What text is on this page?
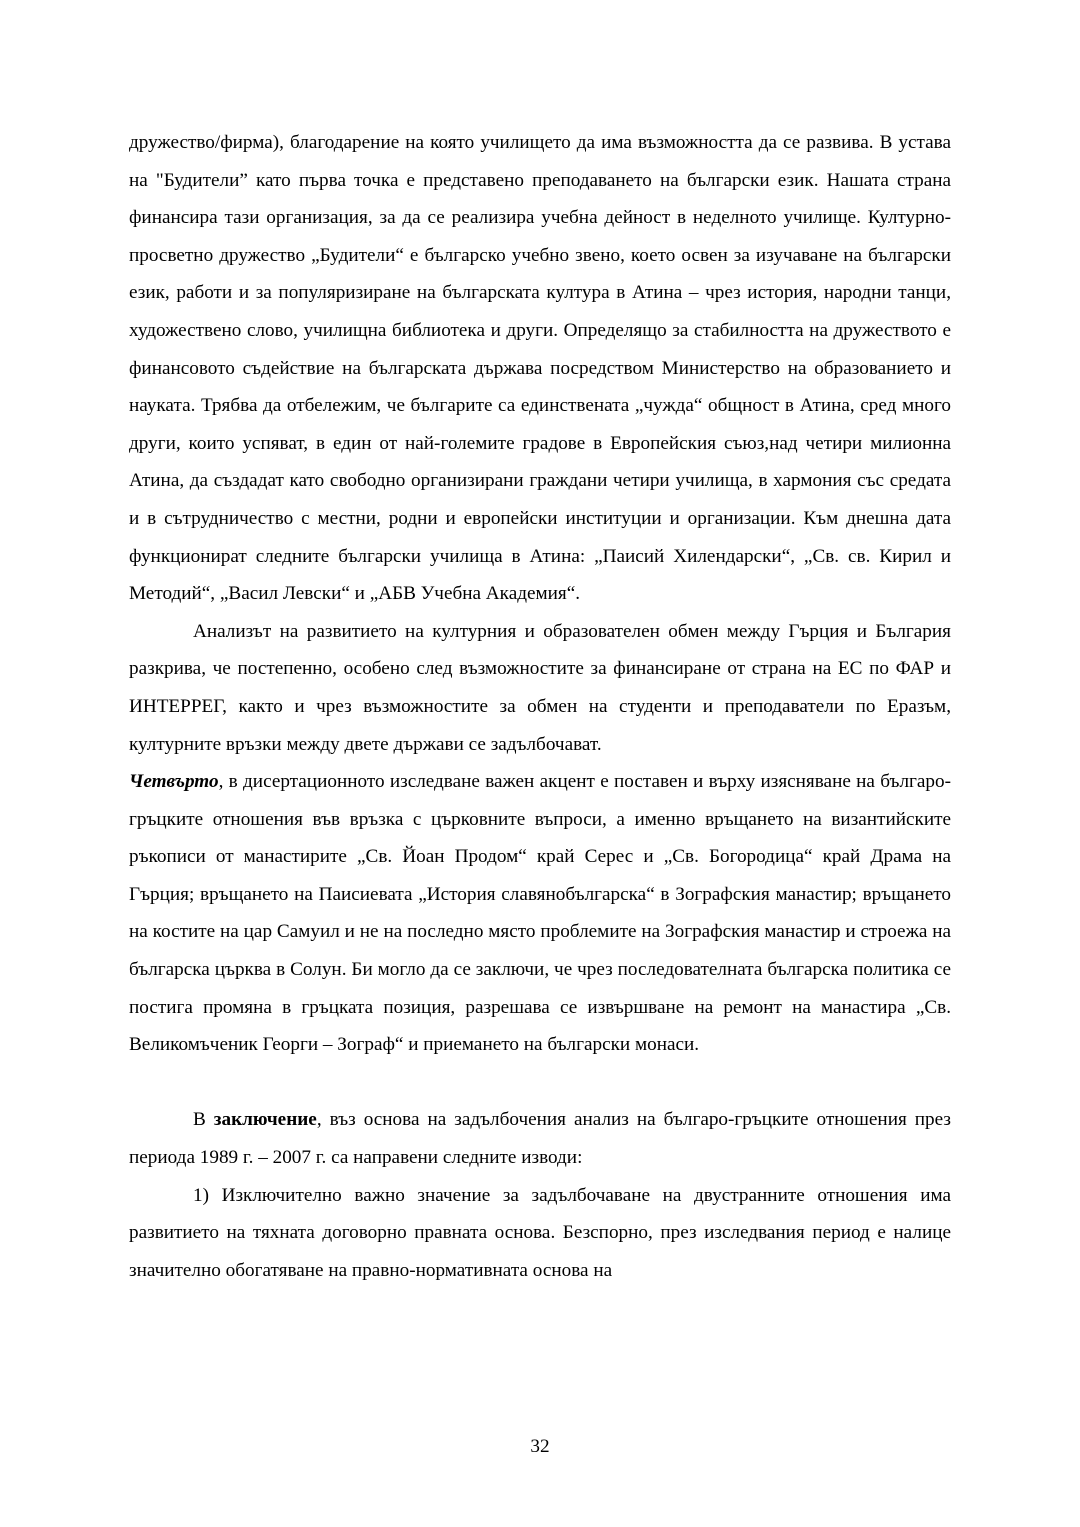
дружество/фирма), благодарение на която училището да има възможността да се развива. В устава на "Будители” като първа точка е представено преподаването на български език. Нашата страна финансира тази организация, за да се реализира учебна дейност в неделното училище. Културно-просветно дружество „Будители“ е българско учебно звено, което освен за изучаване на български език, работи и за популяризиране на българската култура в Атина – чрез история, народни танци, художествено слово, училищна библиотека и други. Определящо за стабилността на дружеството е финансовото съдействие на българската държава посредством Министерство на образованието и науката. Трябва да отбележим, че българите са единствената „чужда“ общност в Атина, сред много други, които успяват, в един от най-големите градове в Европейския съюз,над четири милионна Атина, да създадат като свободно организирани граждани четири училища, в хармония със средата и в сътрудничество с местни, родни и европейски институции и организации. Към днешна дата функционират следните български училища в Атина: „Паисий Хилендарски“, „Св. св. Кирил и Методий“, „Васил Левски“ и „АБВ Учебна Академия“.

Анализът на развитието на културния и образователен обмен между Гърция и България разкрива, че постепенно, особено след възможностите за финансиране от страна на ЕС по ФАР и ИНТЕРРЕГ, както и чрез възможностите за обмен на студенти и преподаватели по Еразъм, културните връзки между двете държави се задълбочават.

Четвърто, в дисертационното изследване важен акцент е поставен и върху изясняване на българо-гръцките отношения във връзка с църковните въпроси, а именно връщането на византийските ръкописи от манастирите „Св. Йоан Продом“ край Серес и „Св. Богородица“ край Драма на Гърция; връщането на Паисиевата „История славянобългарска“ в Зографския манастир; връщането на костите на цар Самуил и не на последно място проблемите на Зографския манастир и строежа на българска църква в Солун. Би могло да се заключи, че чрез последователната българска политика се постига промяна в гръцката позиция, разрешава се извършване на ремонт на манастира „Св. Великомъченик Георги – Зограф“ и приемането на български монаси.

В заключение, въз основа на задълбочения анализ на българо-гръцките отношения през периода 1989 г. – 2007 г. са направени следните изводи:

1) Изключително важно значение за задълбочаване на двустранните отношения има развитието на тяхната договорно правната основа. Безспорно, през изследвания период е налице значително обогатяване на правно-нормативната основа на

32
